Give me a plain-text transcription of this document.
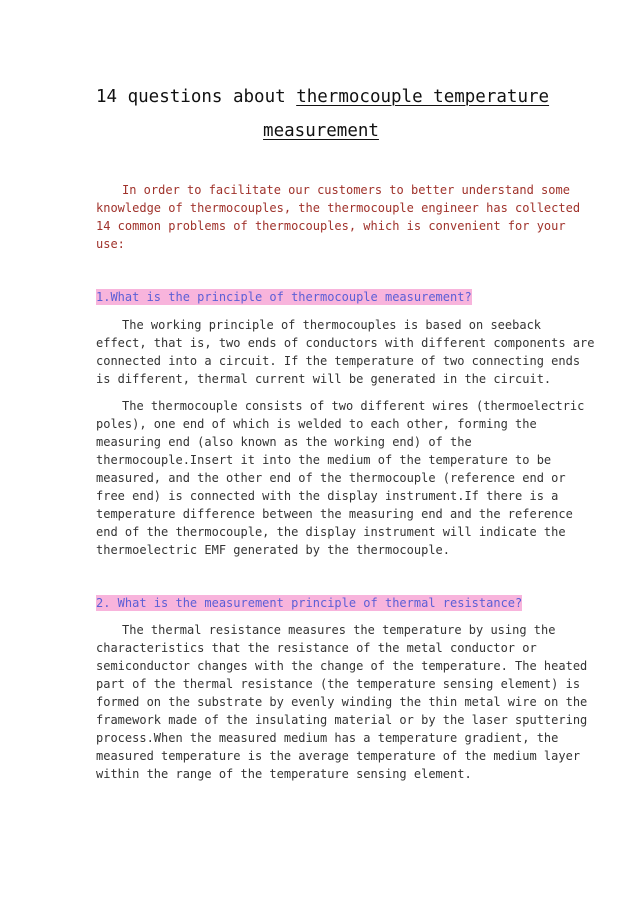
14 questions about thermocouple temperature
measurement
In order to facilitate our customers to better understand some
knowledge of thermocouples, the thermocouple engineer has collected
14 common problems of thermocouples, which is convenient for your
use:
1.What is the principle of thermocouple measurement?
The working principle of thermocouples is based on seeback
effect, that is, two ends of conductors with different components are
connected into a circuit. If the temperature of two connecting ends
is different, thermal current will be generated in the circuit.
The thermocouple consists of two different wires (thermoelectric
poles), one end of which is welded to each other, forming the
measuring end (also known as the working end) of the
thermocouple.Insert it into the medium of the temperature to be
measured, and the other end of the thermocouple (reference end or
free end) is connected with the display instrument.If there is a
temperature difference between the measuring end and the reference
end of the thermocouple, the display instrument will indicate the
thermoelectric EMF generated by the thermocouple.
2. What is the measurement principle of thermal resistance?
The thermal resistance measures the temperature by using the
characteristics that the resistance of the metal conductor or
semiconductor changes with the change of the temperature. The heated
part of the thermal resistance (the temperature sensing element) is
formed on the substrate by evenly winding the thin metal wire on the
framework made of the insulating material or by the laser sputtering
process.When the measured medium has a temperature gradient, the
measured temperature is the average temperature of the medium layer
within the range of the temperature sensing element.
